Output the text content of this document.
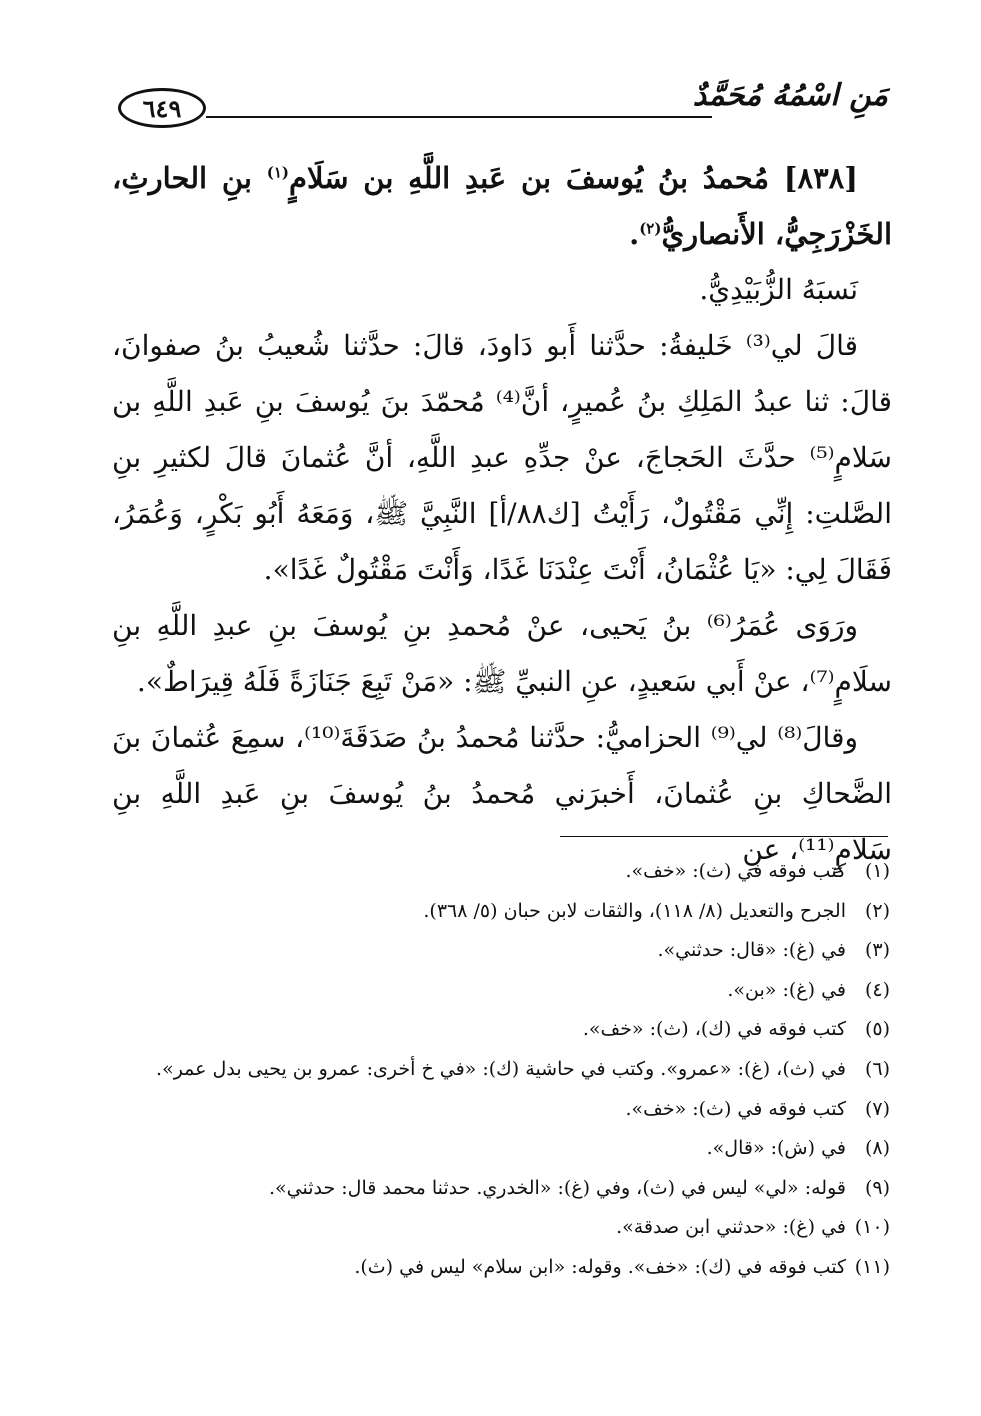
٦٤٩	مَنِ اسْمُهُ مُحَمَّدٌ

[٨٣٨] مُحمدُ بنُ يُوسفَ بن عَبدِ اللَّهِ بن سَلَامٍ$^{(١)}$ بنِ الحارثِ، الخَزْرَجِيُّ، الأَنصاريُّ$^{(٢)}$.

نَسبَهُ الزُّبَيْدِيُّ.

قالَ لي⁽³⁾ خَليفةُ: حدَّثنا أَبو دَاودَ، قالَ: حدَّثنا شُعيبُ بنُ صفوانَ، قالَ: ثنا عبدُ المَلِكِ بنُ عُميرٍ، أنَّ⁽⁴⁾ مُحمّدَ بنَ يُوسفَ بنِ عَبدِ اللَّهِ بن سَلامٍ⁽⁵⁾ حدَّثَ الحَجاجَ، عنْ جدِّهِ عبدِ اللَّهِ، أنَّ عُثمانَ قالَ لكثيرِ بنِ الصَّلتِ: إِنِّي مَقْتُولٌ، رَأَيْتُ [ك٨٨/أ] النَّبِيَّ ﷺ، وَمَعَهُ أَبُو بَكْرٍ، وَعُمَرُ، فَقَالَ لِي: «يَا عُثْمَانُ، أَنْتَ عِنْدَنَا غَدًا، وَأَنْتَ مَقْتُولٌ غَدًا».

ورَوَى عُمَرُ⁽⁶⁾ بنُ يَحيى، عنْ مُحمدِ بنِ يُوسفَ بنِ عبدِ اللَّهِ بنِ سلَامٍ⁽⁷⁾، عنْ أَبي سَعيدٍ، عنِ النبيِّ ﷺ: «مَنْ تَبِعَ جَنَازَةً فَلَهُ قِيرَاطٌ».

وقالَ⁽⁸⁾ لي⁽⁹⁾ الحزاميُّ: حدَّثنا مُحمدُ بنُ صَدَقَةَ⁽¹⁰⁾، سمِعَ عُثمانَ بنَ الضَّحاكِ بنِ عُثمانَ، أَخبرَني مُحمدُ بنُ يُوسفَ بنِ عَبدِ اللَّهِ بنِ سَلامٍ⁽¹¹⁾، عنِ

(١)كتب فوقه في (ث): «خف».
(٢)الجرح والتعديل (٨/ ١١٨)، والثقات لابن حبان (٥/ ٣٦٨).
(٣)في (غ): «قال: حدثني».
(٤)في (غ): «بن».
(٥)كتب فوقه في (ك)، (ث): «خف».
(٦)في (ث)، (غ): «عمرو». وكتب في حاشية (ك): «في خ أخرى: عمرو بن يحيى بدل عمر».
(٧)كتب فوقه في (ث): «خف».
(٨)في (ش): «قال».
(٩)قوله: «لي» ليس في (ث)، وفي (غ): «الخدري. حدثنا محمد قال: حدثني».
(١٠)في (غ): «حدثني ابن صدقة».
(١١)كتب فوقه في (ك): «خف». وقوله: «ابن سلام» ليس في (ث).
